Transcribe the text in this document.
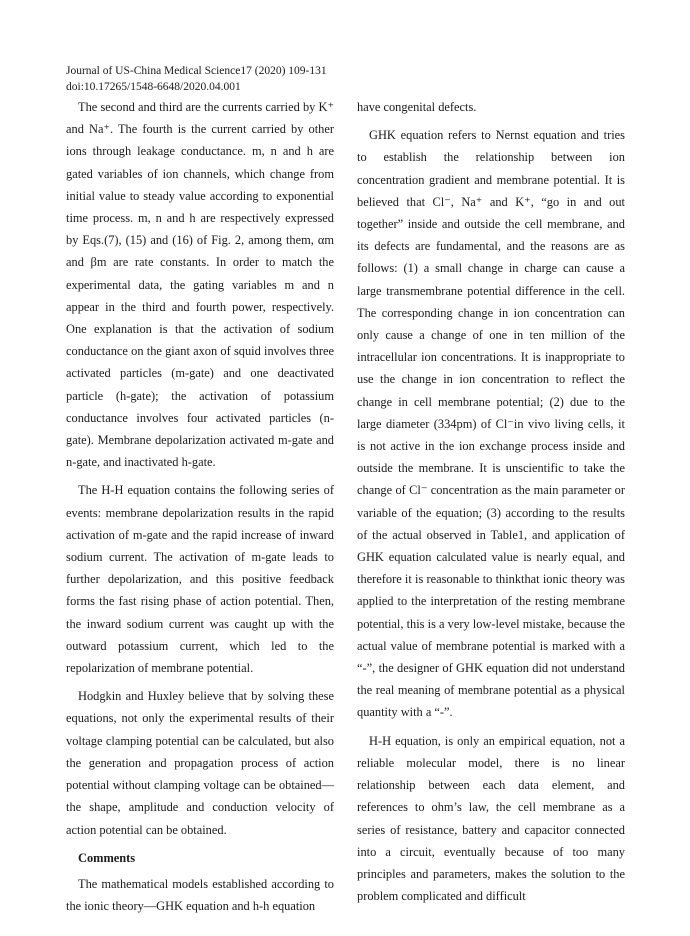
Journal of US-China Medical Science17 (2020) 109-131
doi:10.17265/1548-6648/2020.04.001

The second and third are the currents carried by K⁺ and Na⁺. The fourth is the current carried by other ions through leakage conductance. m, n and h are gated variables of ion channels, which change from initial value to steady value according to exponential time process. m, n and h are respectively expressed by Eqs.(7), (15) and (16) of Fig. 2, among them, αm and βm are rate constants. In order to match the experimental data, the gating variables m and n appear in the third and fourth power, respectively. One explanation is that the activation of sodium conductance on the giant axon of squid involves three activated particles (m-gate) and one deactivated particle (h-gate); the activation of potassium conductance involves four activated particles (n-gate). Membrane depolarization activated m-gate and n-gate, and inactivated h-gate.

The H-H equation contains the following series of events: membrane depolarization results in the rapid activation of m-gate and the rapid increase of inward sodium current. The activation of m-gate leads to further depolarization, and this positive feedback forms the fast rising phase of action potential. Then, the inward sodium current was caught up with the outward potassium current, which led to the repolarization of membrane potential.

Hodgkin and Huxley believe that by solving these equations, not only the experimental results of their voltage clamping potential can be calculated, but also the generation and propagation process of action potential without clamping voltage can be obtained—the shape, amplitude and conduction velocity of action potential can be obtained.

Comments

The mathematical models established according to the ionic theory—GHK equation and h-h equation

have congenital defects.

GHK equation refers to Nernst equation and tries to establish the relationship between ion concentration gradient and membrane potential. It is believed that Cl⁻, Na⁺ and K⁺, “go in and out together” inside and outside the cell membrane, and its defects are fundamental, and the reasons are as follows: (1) a small change in charge can cause a large transmembrane potential difference in the cell. The corresponding change in ion concentration can only cause a change of one in ten million of the intracellular ion concentrations. It is inappropriate to use the change in ion concentration to reflect the change in cell membrane potential; (2) due to the large diameter (334pm) of Cl⁻in vivo living cells, it is not active in the ion exchange process inside and outside the membrane. It is unscientific to take the change of Cl⁻ concentration as the main parameter or variable of the equation; (3) according to the results of the actual observed in Table1, and application of GHK equation calculated value is nearly equal, and therefore it is reasonable to thinkthat ionic theory was applied to the interpretation of the resting membrane potential, this is a very low-level mistake, because the actual value of membrane potential is marked with a “-”, the designer of GHK equation did not understand the real meaning of membrane potential as a physical quantity with a “-”.

H-H equation, is only an empirical equation, not a reliable molecular model, there is no linear relationship between each data element, and references to ohm’s law, the cell membrane as a series of resistance, battery and capacitor connected into a circuit, eventually because of too many principles and parameters, makes the solution to the problem complicated and difficult
